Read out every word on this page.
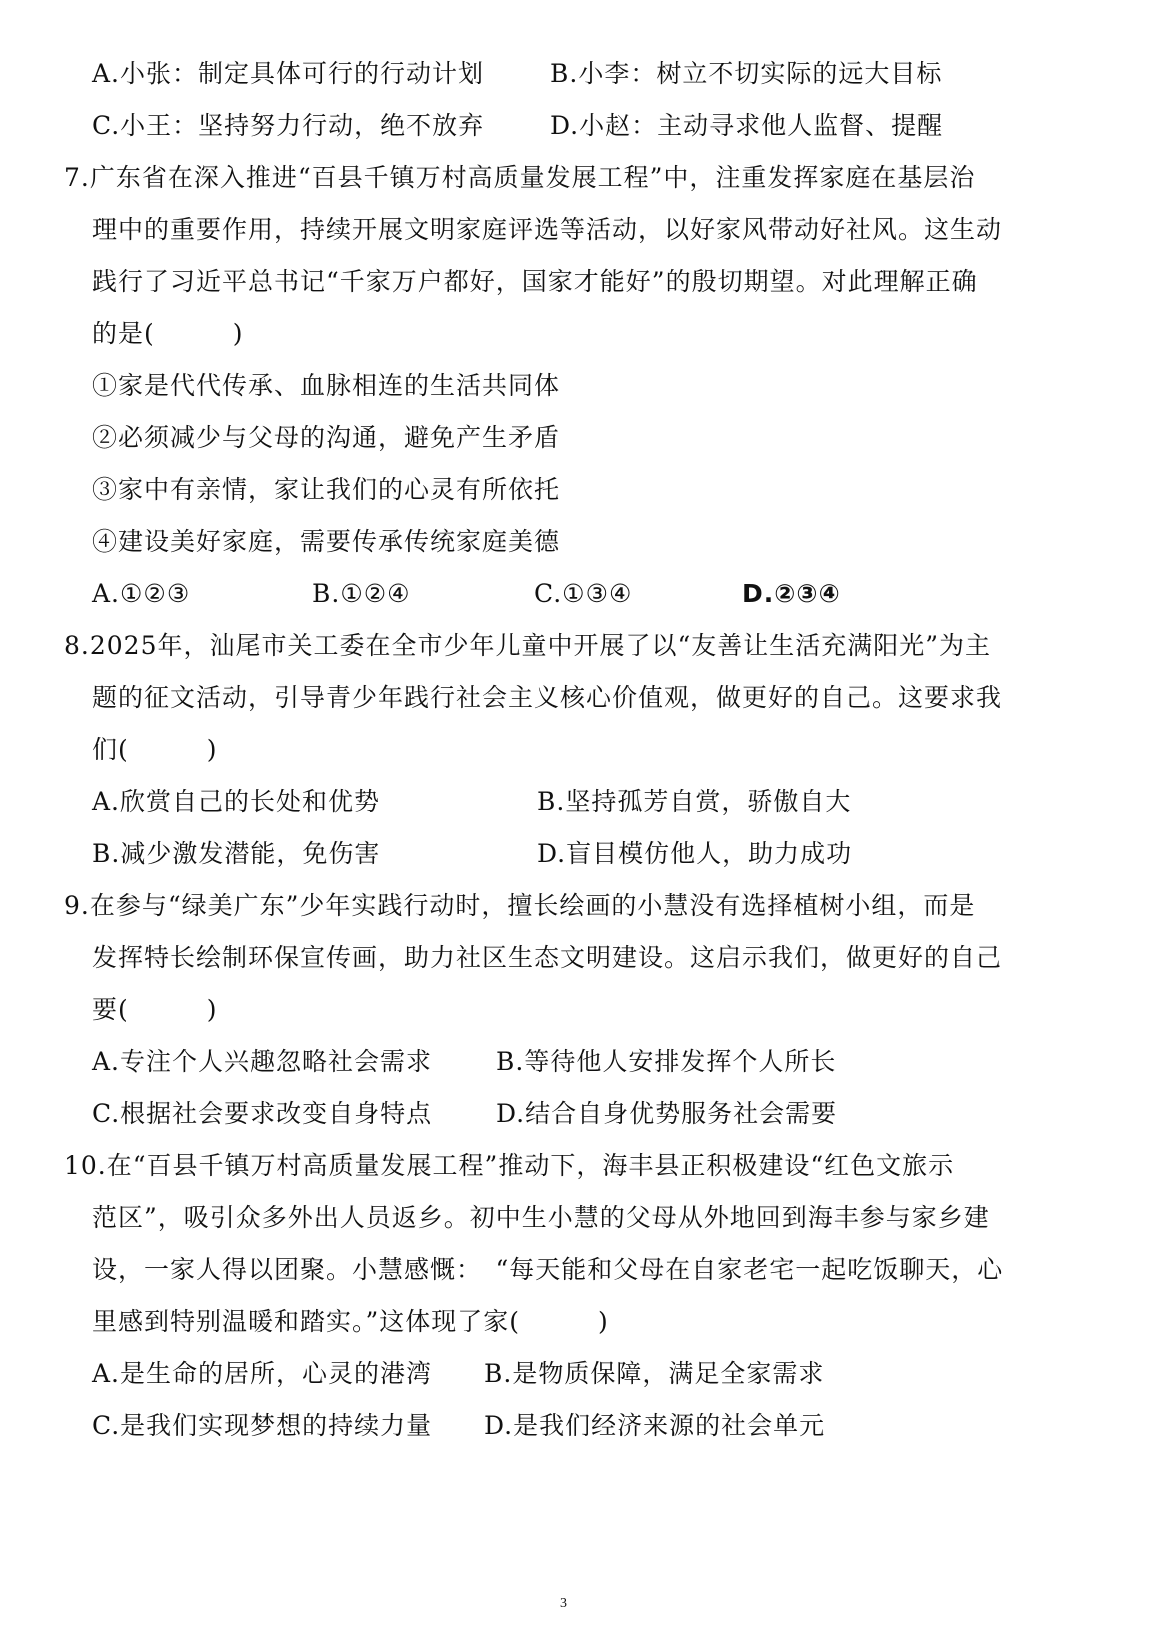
A.小张：制定具体可行的行动计划	B.小李：树立不切实际的远大目标
C.小王：坚持努力行动，绝不放弃	D.小赵：主动寻求他人监督、提醒
7.广东省在深入推进“百县千镇万村高质量发展工程”中，注重发挥家庭在基层治
理中的重要作用，持续开展文明家庭评选等活动，以好家风带动好社风。这生动
践行了习近平总书记“千家万户都好，国家才能好”的殷切期望。对此理解正确
的是(　　　)
①家是代代传承、血脉相连的生活共同体
②必须减少与父母的沟通，避免产生矛盾
③家中有亲情，家让我们的心灵有所依托
④建设美好家庭，需要传承传统家庭美德
A.①②③	B.①②④	C.①③④	D.②③④
8.2025年，汕尾市关工委在全市少年儿童中开展了以“友善让生活充满阳光”为主
题的征文活动，引导青少年践行社会主义核心价值观，做更好的自己。这要求我
们(　　　)
A.欣赏自己的长处和优势	B.坚持孤芳自赏，骄傲自大
B.减少激发潜能，免伤害	D.盲目模仿他人，助力成功
9.在参与“绿美广东”少年实践行动时，擅长绘画的小慧没有选择植树小组，而是
发挥特长绘制环保宣传画，助力社区生态文明建设。这启示我们，做更好的自己
要(　　　)
A.专注个人兴趣忽略社会需求	B.等待他人安排发挥个人所长
C.根据社会要求改变自身特点	D.结合自身优势服务社会需要
10.在“百县千镇万村高质量发展工程”推动下，海丰县正积极建设“红色文旅示
范区”，吸引众多外出人员返乡。初中生小慧的父母从外地回到海丰参与家乡建
设，一家人得以团聚。小慧感慨：　“每天能和父母在自家老宅一起吃饭聊天，心
里感到特别温暖和踏实。”这体现了家(　　　)
A.是生命的居所，心灵的港湾 B.是物质保障，满足全家需求
C.是我们实现梦想的持续力量 D.是我们经济来源的社会单元
3
